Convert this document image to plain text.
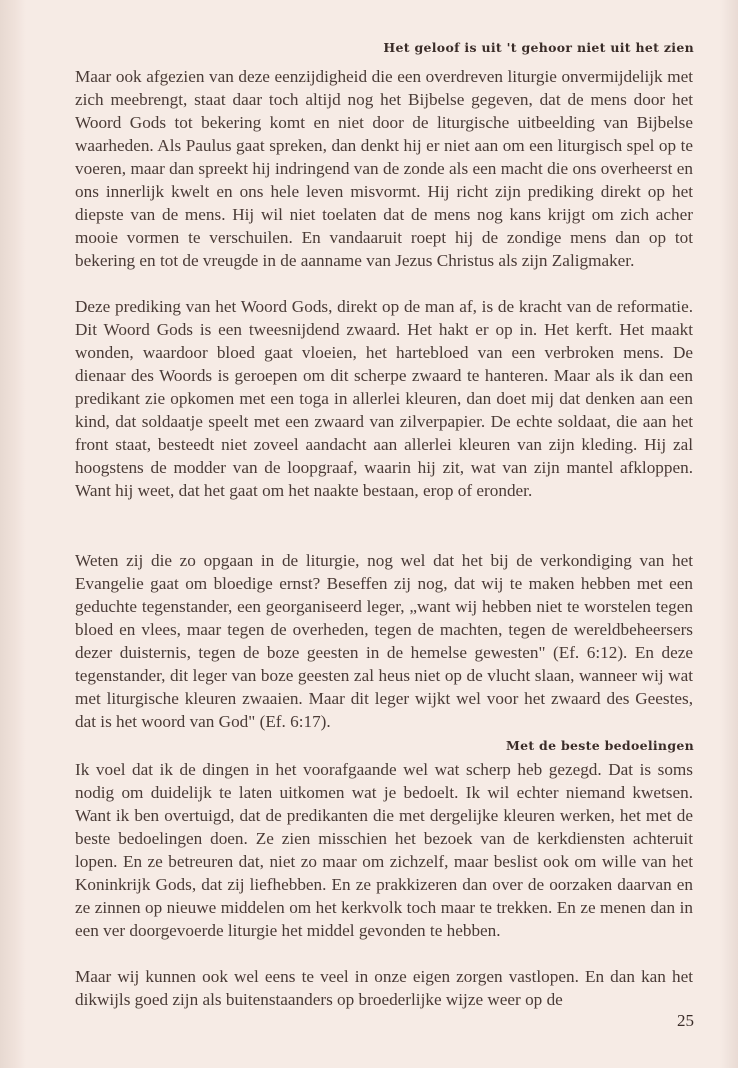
Het geloof is uit 't gehoor niet uit het zien

Maar ook afgezien van deze eenzijdigheid die een overdreven liturgie onvermijdelijk met zich meebrengt, staat daar toch altijd nog het Bijbelse gegeven, dat de mens door het Woord Gods tot bekering komt en niet door de liturgische uitbeelding van Bijbelse waarheden. Als Paulus gaat spreken, dan denkt hij er niet aan om een liturgisch spel op te voeren, maar dan spreekt hij indringend van de zonde als een macht die ons overheerst en ons innerlijk kwelt en ons hele leven misvormt. Hij richt zijn prediking direkt op het diepste van de mens. Hij wil niet toelaten dat de mens nog kans krijgt om zich acher mooie vormen te verschuilen. En vandaaruit roept hij de zondige mens dan op tot bekering en tot de vreugde in de aanname van Jezus Christus als zijn Zaligmaker.

Deze prediking van het Woord Gods, direkt op de man af, is de kracht van de reformatie. Dit Woord Gods is een tweesnijdend zwaard. Het hakt er op in. Het kerft. Het maakt wonden, waardoor bloed gaat vloeien, het hartebloed van een verbroken mens. De dienaar des Woords is geroepen om dit scherpe zwaard te hanteren. Maar als ik dan een predikant zie opkomen met een toga in allerlei kleuren, dan doet mij dat denken aan een kind, dat soldaatje speelt met een zwaard van zilverpapier. De echte soldaat, die aan het front staat, besteedt niet zoveel aandacht aan allerlei kleuren van zijn kleding. Hij zal hoogstens de modder van de loopgraaf, waarin hij zit, wat van zijn mantel afkloppen. Want hij weet, dat het gaat om het naakte bestaan, erop of eronder.

Weten zij die zo opgaan in de liturgie, nog wel dat het bij de verkondiging van het Evangelie gaat om bloedige ernst? Beseffen zij nog, dat wij te maken hebben met een geduchte tegenstander, een georganiseerd leger, „want wij hebben niet te worstelen tegen bloed en vlees, maar tegen de overheden, tegen de machten, tegen de wereldbeheersers dezer duisternis, tegen de boze geesten in de hemelse gewesten" (Ef. 6:12). En deze tegenstander, dit leger van boze geesten zal heus niet op de vlucht slaan, wanneer wij wat met liturgische kleuren zwaaien. Maar dit leger wijkt wel voor het zwaard des Geestes, dat is het woord van God" (Ef. 6:17).

Met de beste bedoelingen

Ik voel dat ik de dingen in het voorafgaande wel wat scherp heb gezegd. Dat is soms nodig om duidelijk te laten uitkomen wat je bedoelt. Ik wil echter niemand kwetsen. Want ik ben overtuigd, dat de predikanten die met dergelijke kleuren werken, het met de beste bedoelingen doen. Ze zien misschien het bezoek van de kerkdiensten achteruit lopen. En ze betreuren dat, niet zo maar om zichzelf, maar beslist ook om wille van het Koninkrijk Gods, dat zij liefhebben. En ze prakkizeren dan over de oorzaken daarvan en ze zinnen op nieuwe middelen om het kerkvolk toch maar te trekken. En ze menen dan in een ver doorgevoerde liturgie het middel gevonden te hebben.

Maar wij kunnen ook wel eens te veel in onze eigen zorgen vastlopen. En dan kan het dikwijls goed zijn als buitenstaanders op broederlijke wijze weer op de

25
